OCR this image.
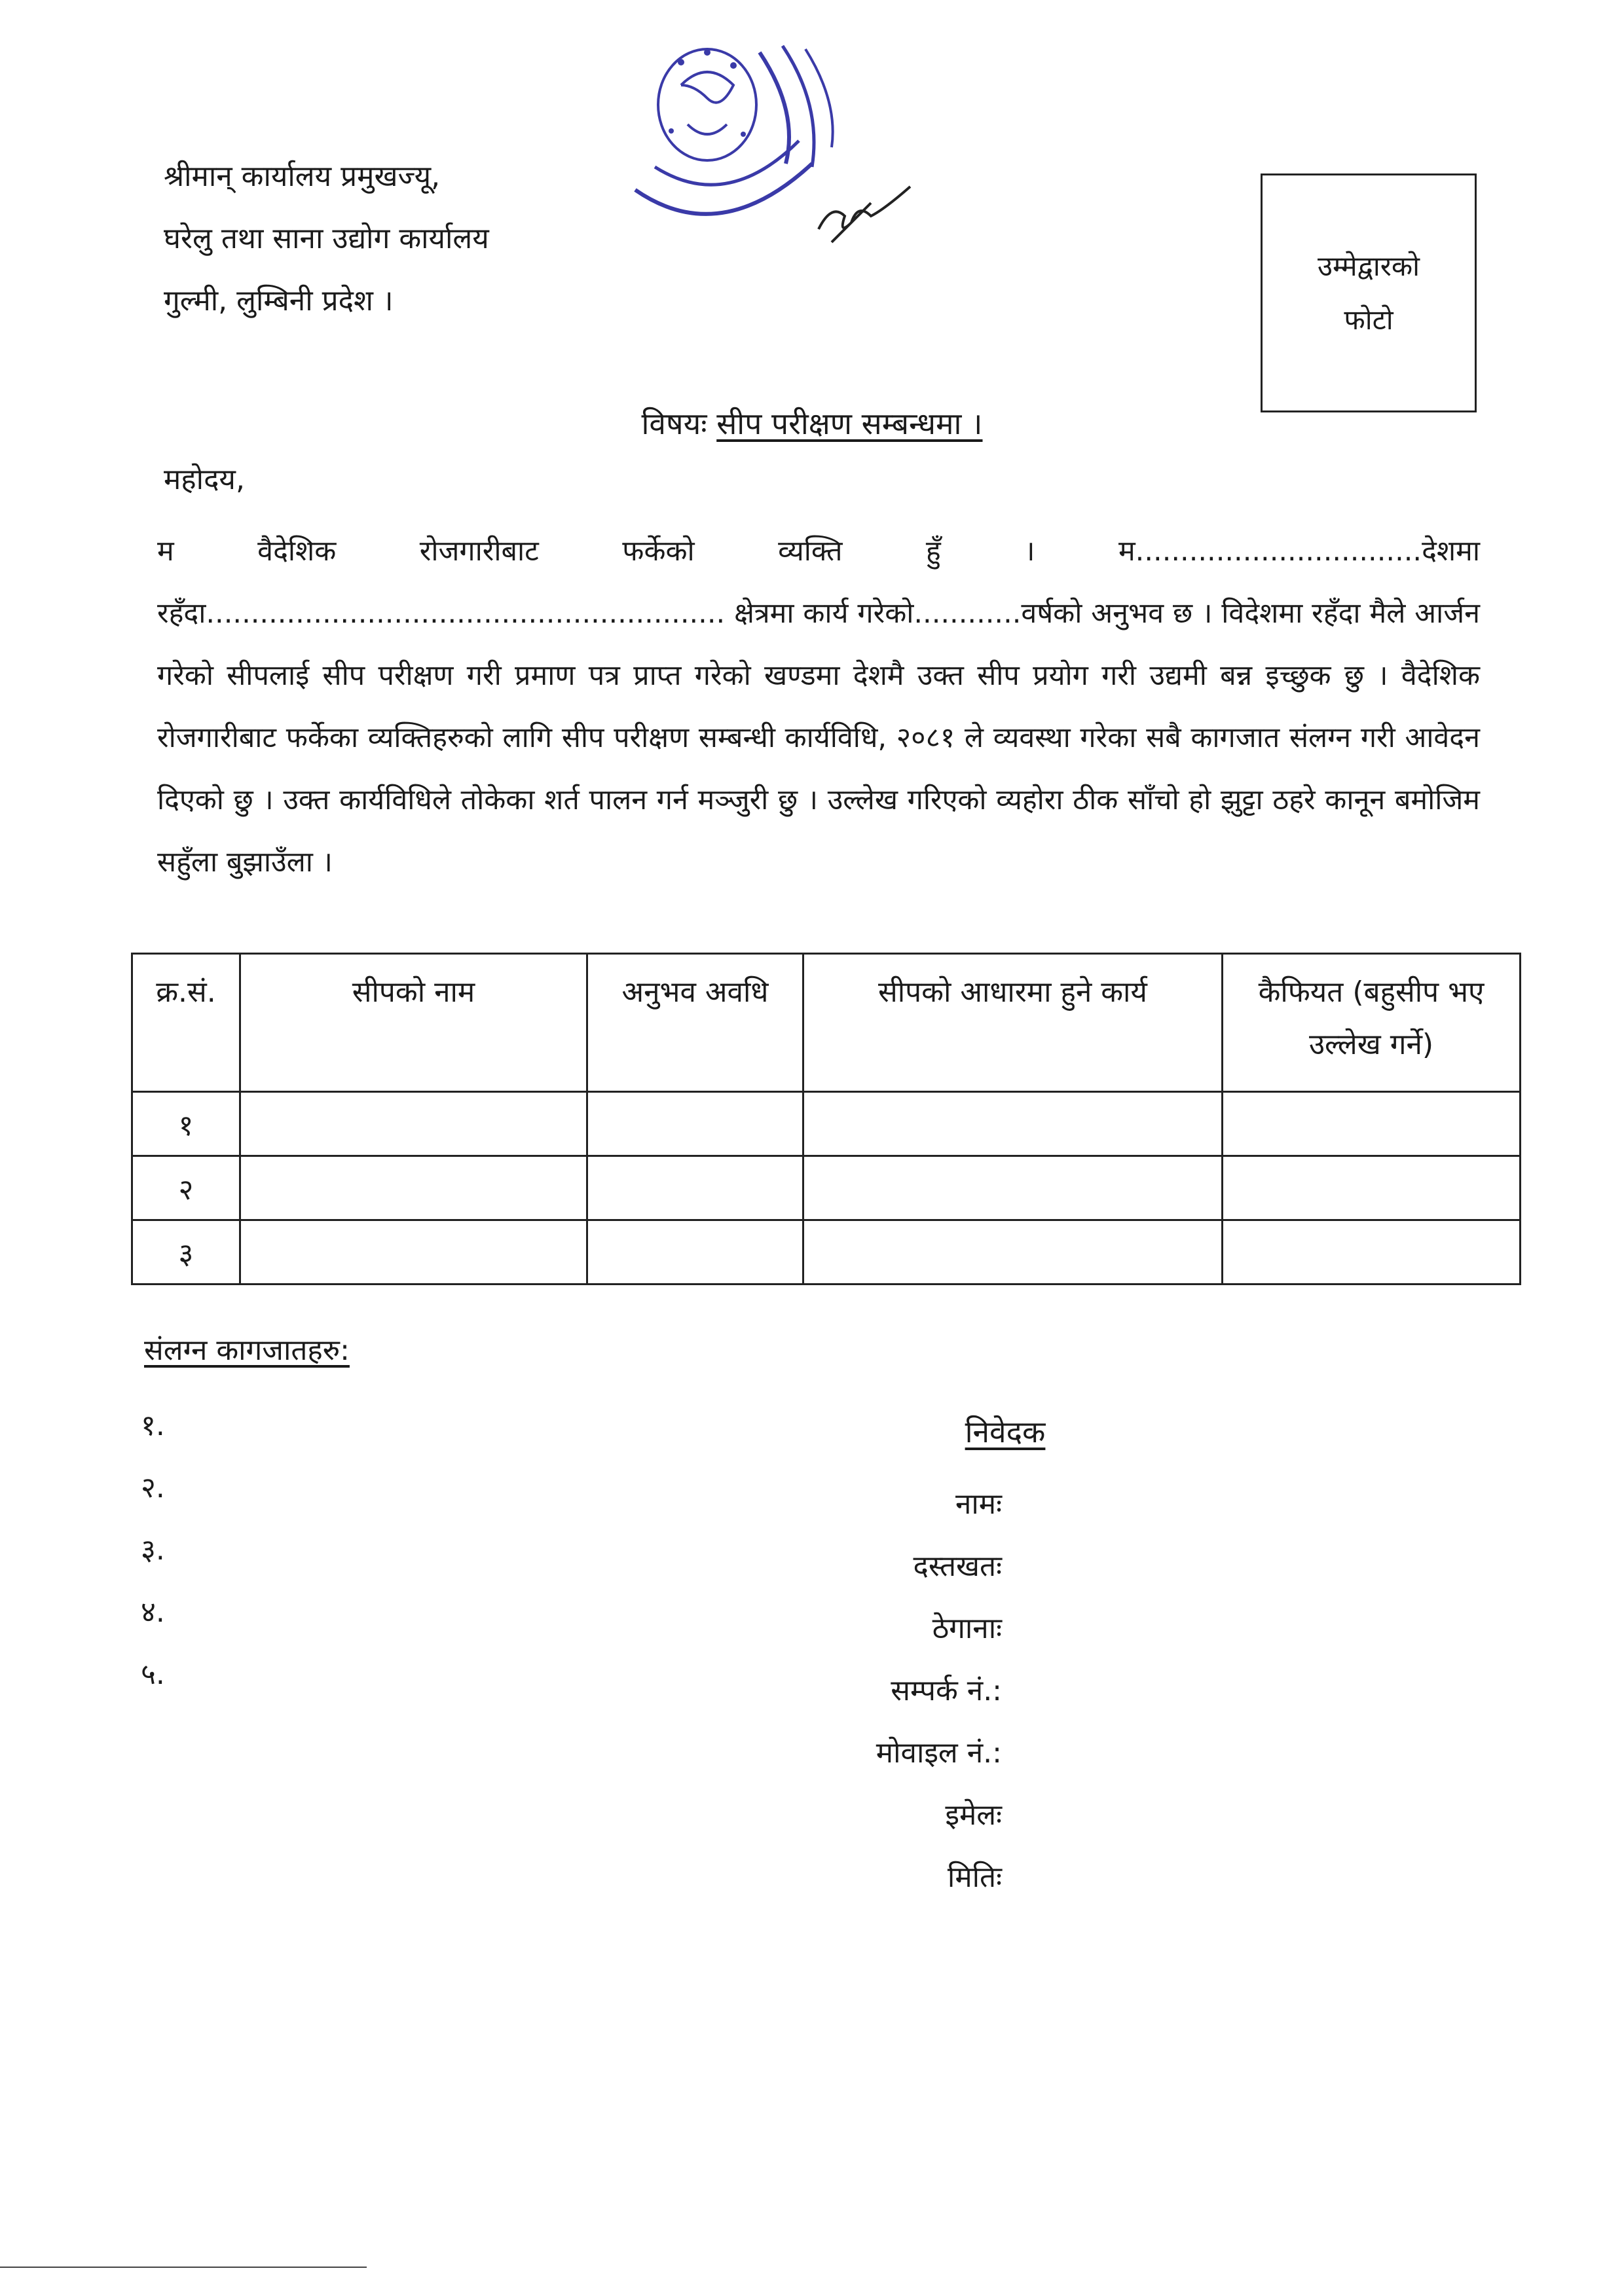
श्रीमान् कार्यालय प्रमुखज्यू,
घरेलु तथा साना उद्योग कार्यालय
गुल्मी, लुम्बिनी प्रदेश ।
उम्मेद्वारको
फोटो
विषयः सीप परीक्षण सम्बन्धमा ।
महोदय,
म वैदेशिक रोजगारीबाट फर्केको व्यक्ति हुँ । म................................देशमा रहँदा.......................................................... क्षेत्रमा कार्य गरेको............वर्षको अनुभव छ । विदेशमा रहँदा मैले आर्जन गरेको सीपलाई सीप परीक्षण गरी प्रमाण पत्र प्राप्त गरेको खण्डमा देशमै उक्त सीप प्रयोग गरी उद्यमी बन्न इच्छुक छु । वैदेशिक रोजगारीबाट फर्केका व्यक्तिहरुको लागि सीप परीक्षण सम्बन्धी कार्यविधि, २०८१ ले व्यवस्था गरेका सबै कागजात संलग्न गरी आवेदन दिएको छु । उक्त कार्यविधिले तोकेका शर्त पालन गर्न मञ्जुरी छु । उल्लेख गरिएको व्यहोरा ठीक साँचो हो झुट्टा ठहरे कानून बमोजिम सहुँला बुझाउँला ।
क्र.सं.	सीपको नाम	अनुभव अवधि	सीपको आधारमा हुने कार्य	कैफियत (बहुसीप भए उल्लेख गर्ने)
१				
२				
३				
संलग्न कागजातहरु:
१.
२.
३.
४.
५.
निवेदक
नामः
दस्तखतः
ठेगानाः
सम्पर्क नं.:
मोवाइल नं.:
इमेलः
मितिः
